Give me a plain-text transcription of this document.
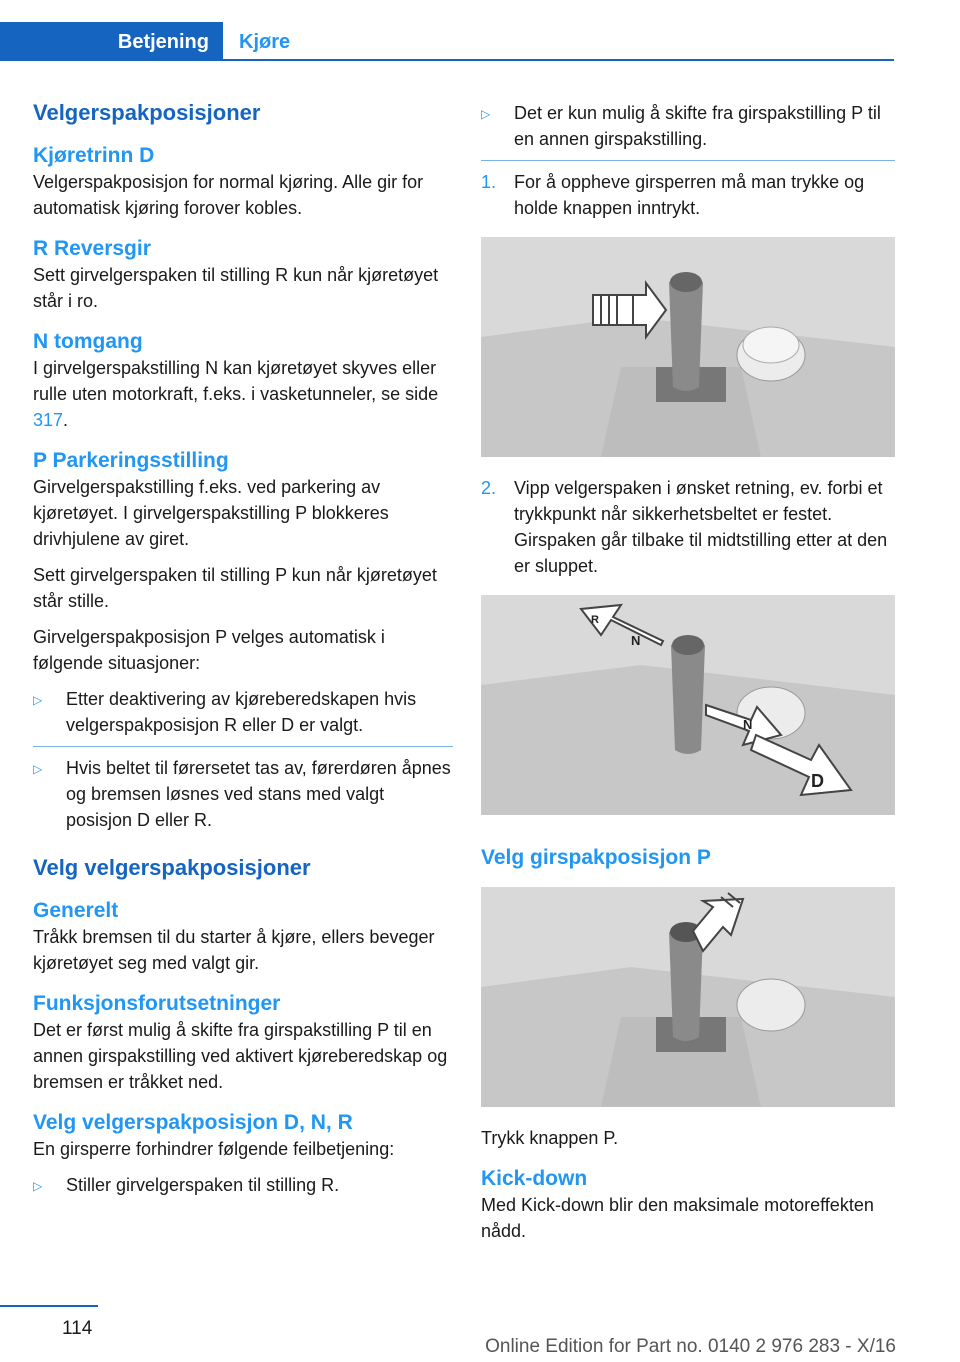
Betjening	Kjøre
Velgerspakposisjoner
Kjøretrinn D

Velgerspakposisjon for normal kjøring. Alle gir for automatisk kjøring forover kobles.

R Reversgir

Sett girvelgerspaken til stilling R kun når kjøretøyet står i ro.

N tomgang

I girvelgerspakstilling N kan kjøretøyet skyves eller rulle uten motorkraft, f.eks. i vasketunneler, se side 317.

P Parkeringsstilling

Girvelgerspakstilling f.eks. ved parkering av kjøretøyet. I girvelgerspakstilling P blokkeres drivhjulene av giret.

Sett girvelgerspaken til stilling P kun når kjøretøyet står stille.

Girvelgerspakposisjon P velges automatisk i følgende situasjoner:

▷	Etter deaktivering av kjøreberedskapen hvis velgerspakposisjon R eller D er valgt.
▷	Hvis beltet til førersetet tas av, førerdøren åpnes og bremsen løsnes ved stans med valgt posisjon D eller R.
Velg velgerspakposisjoner
Generelt

Tråkk bremsen til du starter å kjøre, ellers beveger kjøretøyet seg med valgt gir.

Funksjonsforutsetninger

Det er først mulig å skifte fra girspakstilling P til en annen girspakstilling ved aktivert kjøreberedskap og bremsen er tråkket ned.

Velg velgerspakposisjon D, N, R

En girsperre forhindrer følgende feilbetjening:

▷	Stiller girvelgerspaken til stilling R.
▷	Det er kun mulig å skifte fra girspakstilling P til en annen girspakstilling.
1. For å oppheve girsperren må man trykke og holde knappen inntrykt.
2. Vipp velgerspaken i ønsket retning, ev. forbi et trykkpunkt når sikkerhetsbeltet er festet. Girspaken går tilbake til midtstilling etter at den er sluppet.
R
N
N
D
Velg girspakposisjon P

Trykk knappen P.

Kick-down

Med Kick-down blir den maksimale motoreffekten nådd.

114
Online Edition for Part no. 0140 2 976 283 - X/16
